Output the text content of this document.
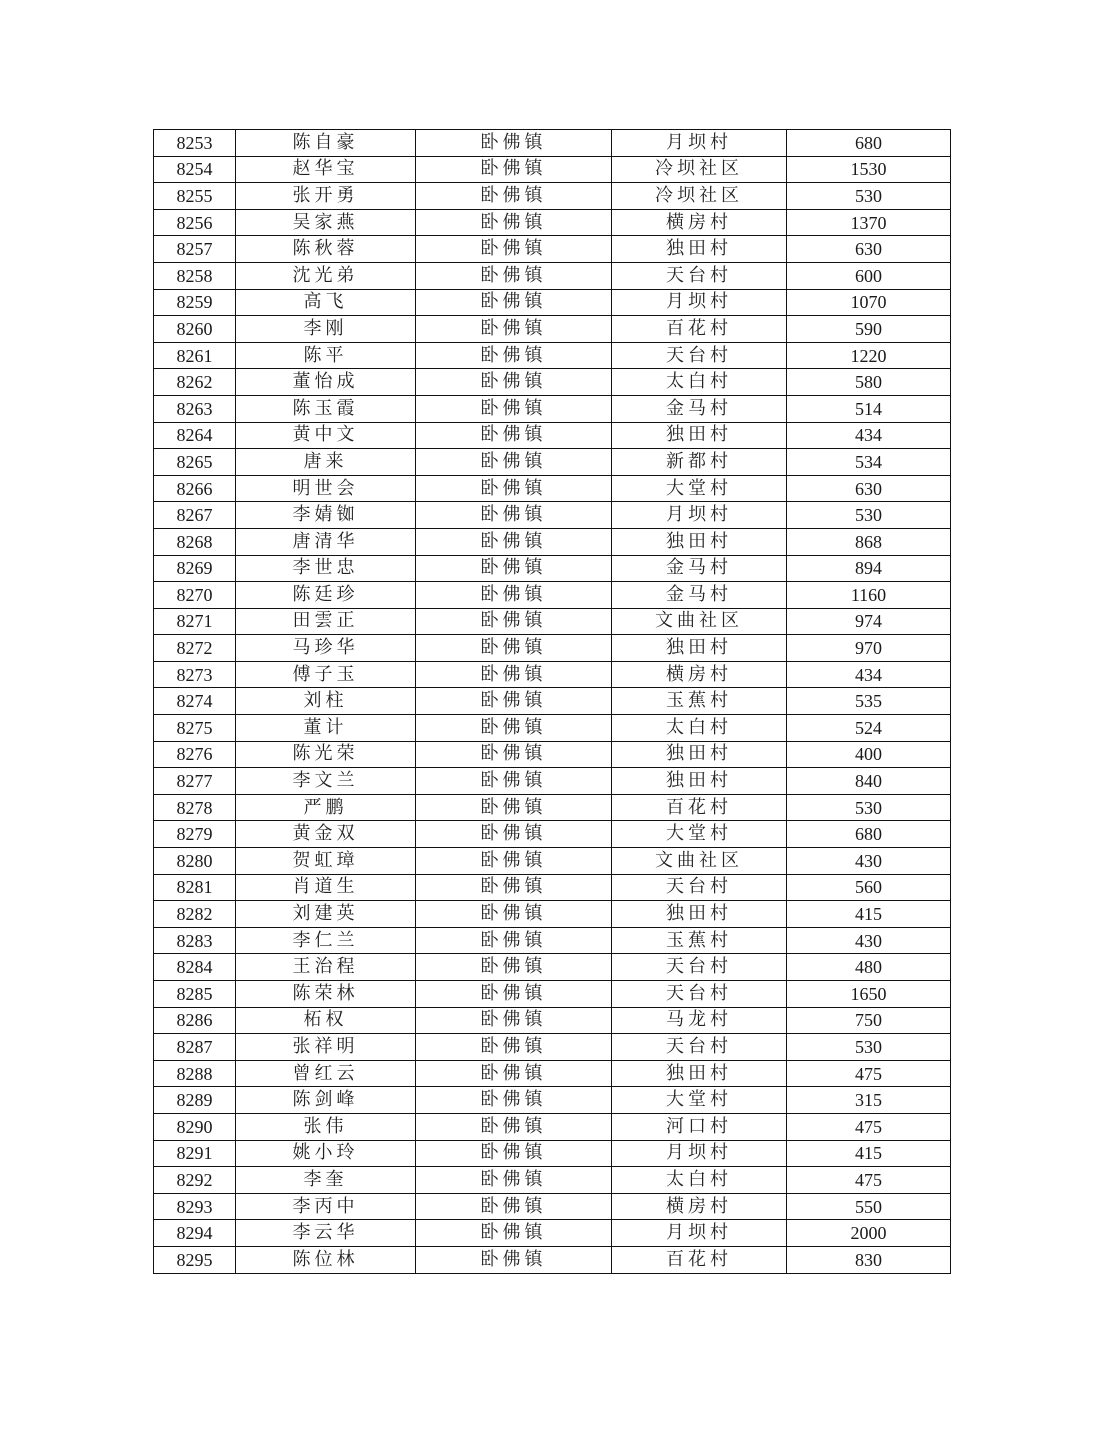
8253	陈自豪	卧佛镇	月坝村	680
8254	赵华宝	卧佛镇	冷坝社区	1530
8255	张开勇	卧佛镇	冷坝社区	530
8256	吴家燕	卧佛镇	横房村	1370
8257	陈秋蓉	卧佛镇	独田村	630
8258	沈光弟	卧佛镇	天台村	600
8259	高飞	卧佛镇	月坝村	1070
8260	李刚	卧佛镇	百花村	590
8261	陈平	卧佛镇	天台村	1220
8262	董怡成	卧佛镇	太白村	580
8263	陈玉霞	卧佛镇	金马村	514
8264	黄中文	卧佛镇	独田村	434
8265	唐来	卧佛镇	新都村	534
8266	明世会	卧佛镇	大堂村	630
8267	李婧铷	卧佛镇	月坝村	530
8268	唐清华	卧佛镇	独田村	868
8269	李世忠	卧佛镇	金马村	894
8270	陈廷珍	卧佛镇	金马村	1160
8271	田雲正	卧佛镇	文曲社区	974
8272	马珍华	卧佛镇	独田村	970
8273	傅子玉	卧佛镇	横房村	434
8274	刘柱	卧佛镇	玉蕉村	535
8275	董计	卧佛镇	太白村	524
8276	陈光荣	卧佛镇	独田村	400
8277	李文兰	卧佛镇	独田村	840
8278	严鹏	卧佛镇	百花村	530
8279	黄金双	卧佛镇	大堂村	680
8280	贺虹璋	卧佛镇	文曲社区	430
8281	肖道生	卧佛镇	天台村	560
8282	刘建英	卧佛镇	独田村	415
8283	李仁兰	卧佛镇	玉蕉村	430
8284	王治程	卧佛镇	天台村	480
8285	陈荣林	卧佛镇	天台村	1650
8286	柘权	卧佛镇	马龙村	750
8287	张祥明	卧佛镇	天台村	530
8288	曾红云	卧佛镇	独田村	475
8289	陈剑峰	卧佛镇	大堂村	315
8290	张伟	卧佛镇	河口村	475
8291	姚小玲	卧佛镇	月坝村	415
8292	李奎	卧佛镇	太白村	475
8293	李丙中	卧佛镇	横房村	550
8294	李云华	卧佛镇	月坝村	2000
8295	陈位林	卧佛镇	百花村	830
